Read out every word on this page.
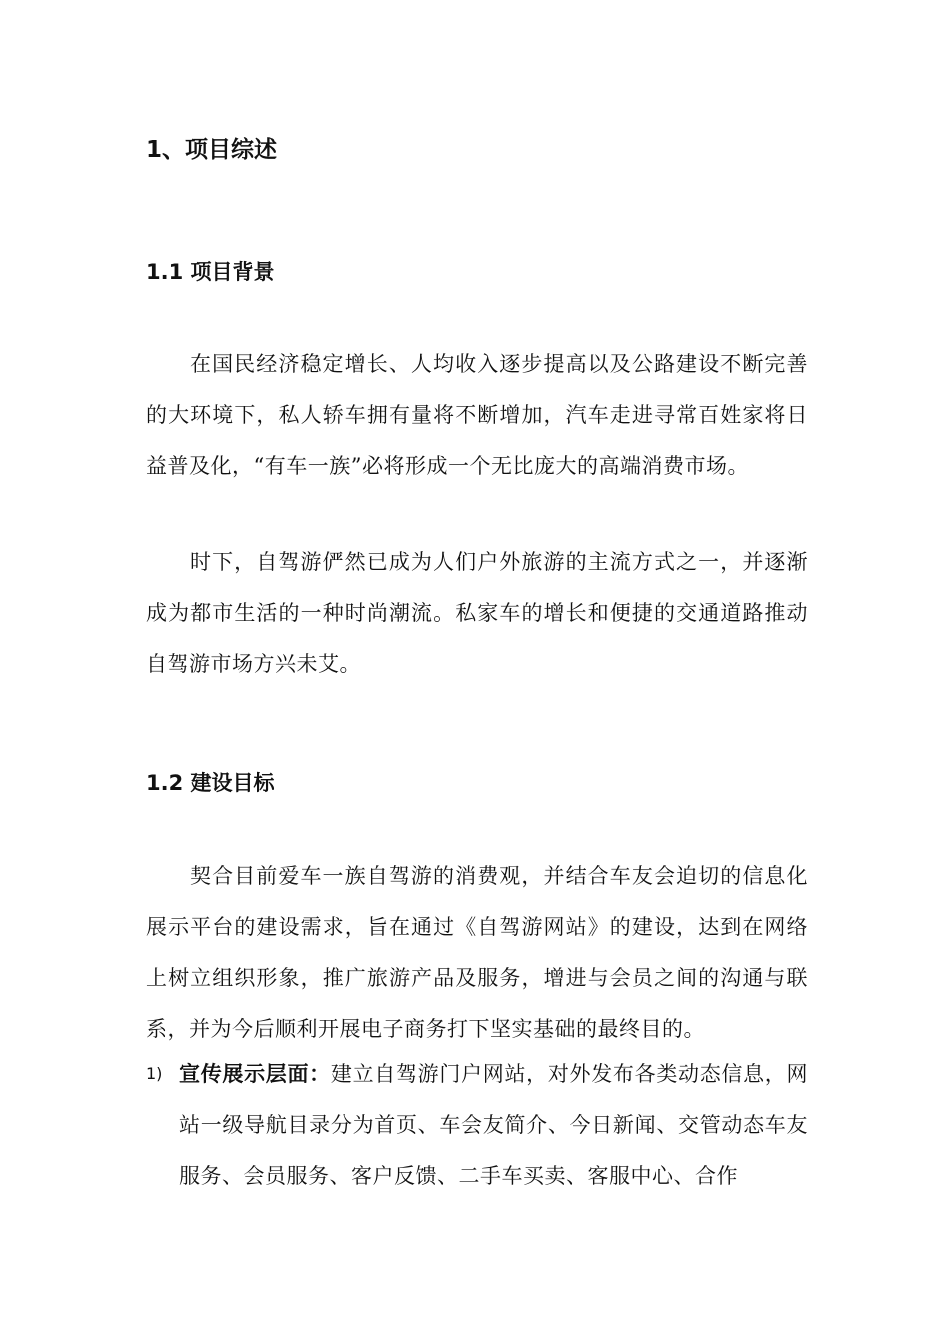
1、项目综述
1.1 项目背景

在国民经济稳定增长、人均收入逐步提高以及公路建设不断完善的大环境下，私人轿车拥有量将不断增加，汽车走进寻常百姓家将日益普及化，“有车一族”必将形成一个无比庞大的高端消费市场。

时下，自驾游俨然已成为人们户外旅游的主流方式之一，并逐渐成为都市生活的一种时尚潮流。私家车的增长和便捷的交通道路推动自驾游市场方兴未艾。

1.2 建设目标

契合目前爱车一族自驾游的消费观，并结合车友会迫切的信息化展示平台的建设需求，旨在通过《自驾游网站》的建设，达到在网络上树立组织形象，推广旅游产品及服务，增进与会员之间的沟通与联系，并为今后顺利开展电子商务打下坚实基础的最终目的。

1) 宣传展示层面：建立自驾游门户网站，对外发布各类动态信息，网站一级导航目录分为首页、车会友简介、今日新闻、交管动态车友服务、会员服务、客户反馈、二手车买卖、客服中心、合作
